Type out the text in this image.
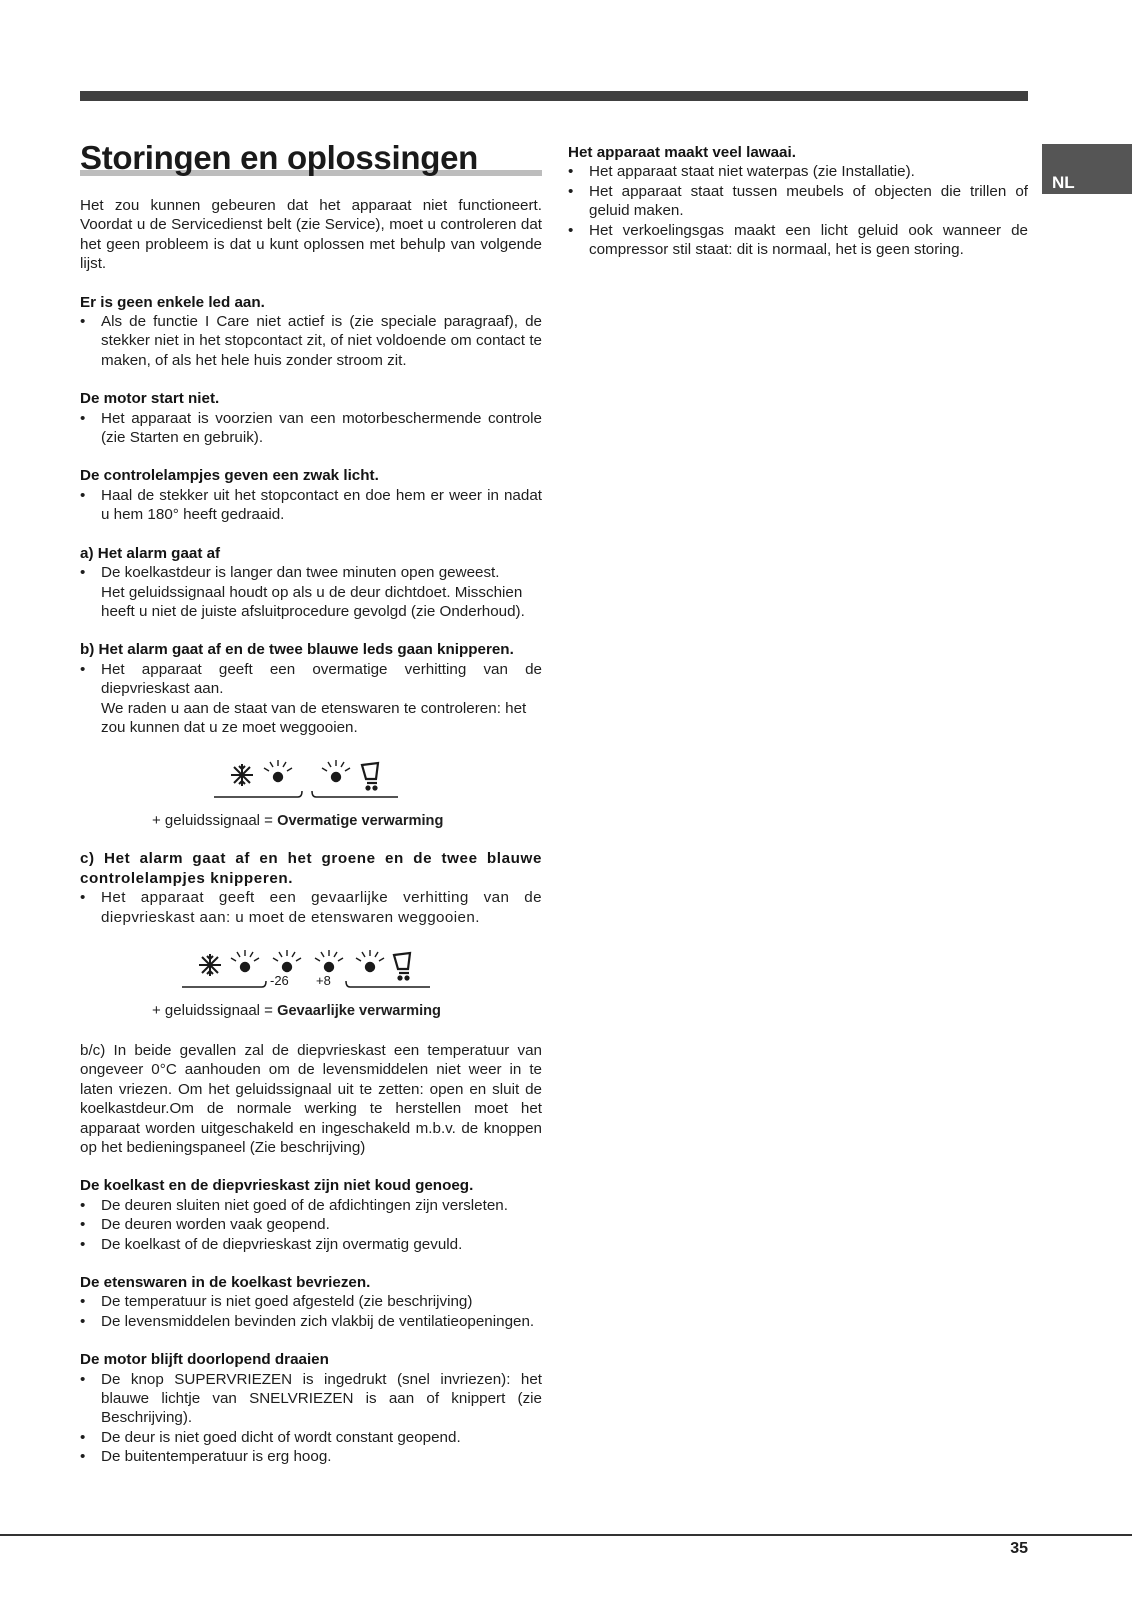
NL
Storingen en oplossingen

Het zou kunnen gebeuren dat het apparaat niet functioneert. Voordat u de Servicedienst belt (zie Service), moet u controleren dat het geen probleem is dat u kunt oplossen met behulp van volgende lijst.

Er is geen enkele led aan.
• Als de functie I Care niet actief is (zie speciale paragraaf), de stekker niet in het stopcontact zit, of niet voldoende om contact te maken, of als het hele huis zonder stroom zit.
De motor start niet.
• Het apparaat is voorzien van een motorbeschermende controle (zie Starten en gebruik).
De controlelampjes geven een zwak licht.
• Haal de stekker uit het stopcontact en doe hem er weer in nadat u hem 180° heeft gedraaid.
a) Het alarm gaat af
• De koelkastdeur is langer dan twee minuten open geweest.
Het geluidssignaal houdt op als u de deur dichtdoet. Misschien heeft u niet de juiste afsluitprocedure gevolgd (zie Onderhoud).
b) Het alarm gaat af en de twee blauwe leds gaan knipperen.
• Het apparaat geeft een overmatige verhitting van de diepvrieskast aan.
We raden u aan de staat van de etenswaren te controleren: het zou kunnen dat u ze moet weggooien.
+ geluidssignaal = Overmatige verwarming
c) Het alarm gaat af en het groene en de twee blauwe controlelampjes knipperen.
• Het apparaat geeft een gevaarlijke verhitting van de diepvrieskast aan: u moet de etenswaren weggooien.
-26 +8
+ geluidssignaal = Gevaarlijke verwarming

b/c) In beide gevallen zal de diepvrieskast een temperatuur van ongeveer 0°C aanhouden om de levensmiddelen niet weer in te laten vriezen. Om het geluidssignaal uit te zetten: open en sluit de koelkastdeur.Om de normale werking te herstellen moet het apparaat worden uitgeschakeld en ingeschakeld m.b.v. de knoppen op het bedieningspaneel (Zie beschrijving)

De koelkast en de diepvrieskast zijn niet koud genoeg.
• De deuren sluiten niet goed of de afdichtingen zijn versleten.
• De deuren worden vaak geopend.
• De koelkast of de diepvrieskast zijn overmatig gevuld.
De etenswaren in de koelkast bevriezen.
• De temperatuur is niet goed afgesteld (zie beschrijving)
• De levensmiddelen bevinden zich vlakbij de ventilatieopeningen.
De motor blijft doorlopend draaien
• De knop SUPERVRIEZEN is ingedrukt (snel invriezen): het blauwe lichtje van SNELVRIEZEN is aan of knippert (zie Beschrijving).
• De deur is niet goed dicht of wordt constant geopend.
• De buitentemperatuur is erg hoog.
Het apparaat maakt veel lawaai.
• Het apparaat staat niet waterpas (zie Installatie).
• Het apparaat staat tussen meubels of objecten die trillen of geluid maken.
• Het verkoelingsgas maakt een licht geluid ook wanneer de compressor stil staat: dit is normaal, het is geen storing.
35
